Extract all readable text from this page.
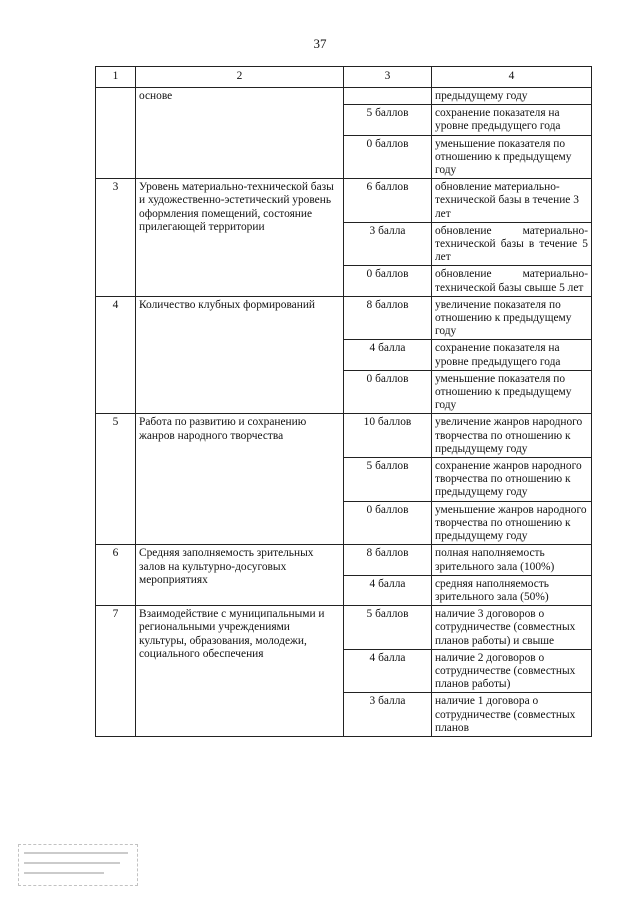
37
1	2	3	4
	основе		предыдущему году
		5 баллов	сохранение показателя на уровне предыдущего года
		0 баллов	уменьшение показателя по отношению к предыдущему году
3	Уровень материально-технической базы и художественно-эстетический уровень оформления помещений, состояние прилегающей территории	6 баллов	обновление материально-технической базы в течение 3 лет
		3 балла	обновление материально-технической базы в течение 5 лет
		0 баллов	обновление материально-технической базы свыше 5 лет
4	Количество клубных формирований	8 баллов	увеличение показателя по отношению к предыдущему году
		4 балла	сохранение показателя на уровне предыдущего года
		0 баллов	уменьшение показателя по отношению к предыдущему году
5	Работа по развитию и сохранению жанров народного творчества	10 баллов	увеличение жанров народного творчества по отношению к предыдущему году
		5 баллов	сохранение жанров народного творчества по отношению к предыдущему году
		0 баллов	уменьшение жанров народного творчества по отношению к предыдущему году
6	Средняя заполняемость зрительных залов на культурно-досуговых мероприятиях	8 баллов	полная наполняемость зрительного зала (100%)
		4 балла	средняя наполняемость зрительного зала (50%)
7	Взаимодействие с муниципальными и региональными учреждениями культуры, образования, молодежи, социального обеспечения	5 баллов	наличие 3 договоров о сотрудничестве (совместных планов работы) и свыше
		4 балла	наличие 2 договоров о сотрудничестве (совместных планов работы)
		3 балла	наличие 1 договора о сотрудничестве (совместных планов
